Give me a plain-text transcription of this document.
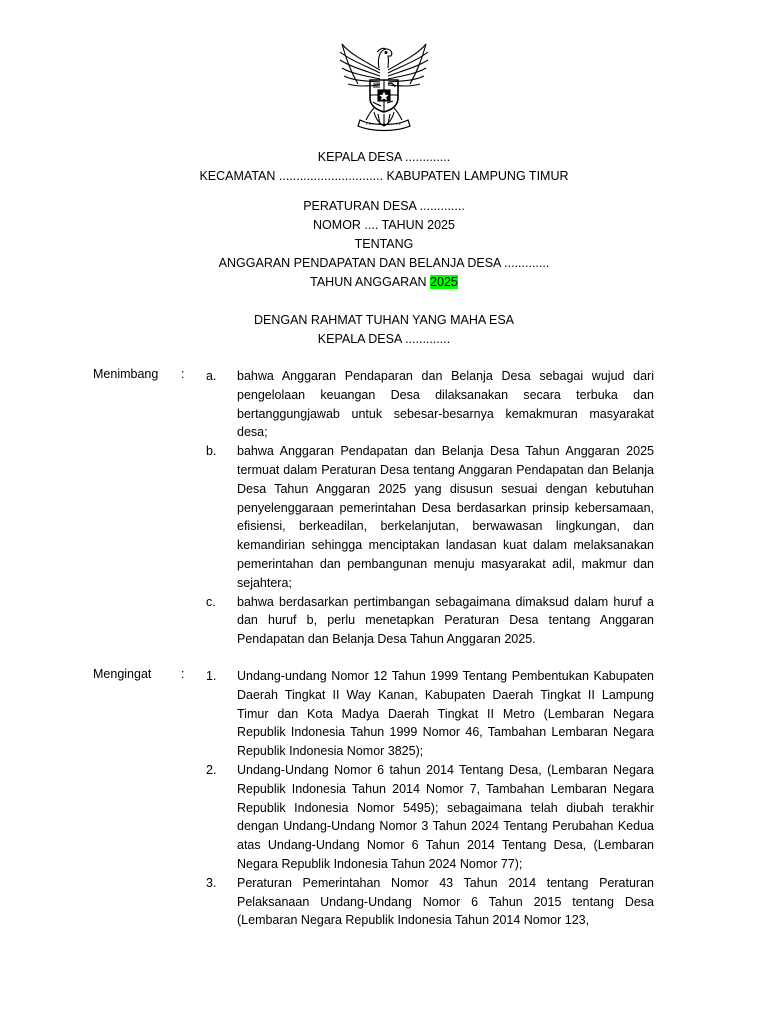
KEPALA DESA .............
KECAMATAN .............................. KABUPATEN LAMPUNG TIMUR
PERATURAN DESA .............
NOMOR .... TAHUN 2025
TENTANG
ANGGARAN PENDAPATAN DAN BELANJA DESA .............
TAHUN ANGGARAN 2025
DENGAN RAHMAT TUHAN YANG MAHA ESA
KEPALA DESA .............
Menimbang : a. bahwa Anggaran Pendaparan dan Belanja Desa sebagai wujud dari pengelolaan keuangan Desa dilaksanakan secara terbuka dan bertanggungjawab untuk sebesar-besarnya kemakmuran masyarakat desa;
b. bahwa Anggaran Pendapatan dan Belanja Desa Tahun Anggaran 2025 termuat dalam Peraturan Desa tentang Anggaran Pendapatan dan Belanja Desa Tahun Anggaran 2025 yang disusun sesuai dengan kebutuhan penyelenggaraan pemerintahan Desa berdasarkan prinsip kebersamaan, efisiensi, berkeadilan, berkelanjutan, berwawasan lingkungan, dan kemandirian sehingga menciptakan landasan kuat dalam melaksanakan pemerintahan dan pembangunan menuju masyarakat adil, makmur dan sejahtera;
c. bahwa berdasarkan pertimbangan sebagaimana dimaksud dalam huruf a dan huruf b, perlu menetapkan Peraturan Desa tentang Anggaran Pendapatan dan Belanja Desa Tahun Anggaran 2025.
Mengingat : 1. Undang-undang Nomor 12 Tahun 1999 Tentang Pembentukan Kabupaten Daerah Tingkat II Way Kanan, Kabupaten Daerah Tingkat II Lampung Timur dan Kota Madya Daerah Tingkat II Metro (Lembaran Negara Republik Indonesia Tahun 1999 Nomor 46, Tambahan Lembaran Negara Republik Indonesia Nomor 3825);
2. Undang-Undang Nomor 6 tahun 2014 Tentang Desa, (Lembaran Negara Republik Indonesia Tahun 2014 Nomor 7, Tambahan Lembaran Negara Republik Indonesia Nomor 5495); sebagaimana telah diubah terakhir dengan Undang-Undang Nomor 3 Tahun 2024 Tentang Perubahan Kedua atas Undang-Undang Nomor 6 Tahun 2014 Tentang Desa, (Lembaran Negara Republik Indonesia Tahun 2024 Nomor 77);
3. Peraturan Pemerintahan Nomor 43 Tahun 2014 tentang Peraturan Pelaksanaan Undang-Undang Nomor 6 Tahun 2015 tentang Desa (Lembaran Negara Republik Indonesia Tahun 2014 Nomor 123,
